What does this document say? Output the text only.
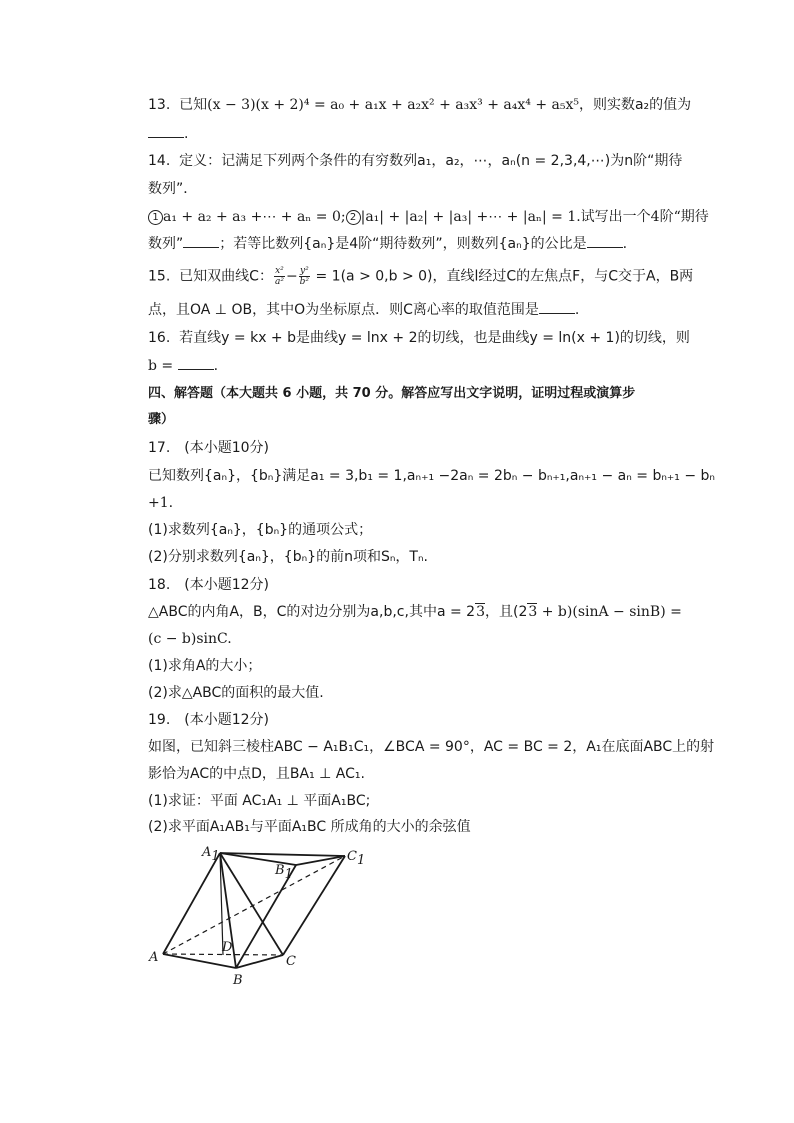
13. 已知(x − 3)(x + 2)⁴ = a₀ + a₁x + a₂x² + a₃x³ + a₄x⁴ + a₅x⁵，则实数a₂的值为
.
14. 定义：记满足下列两个条件的有穷数列a₁，a₂，⋯，aₙ(n = 2,3,4,⋯)为n阶“期待
数列”．
1 a₁ + a₂ + a₃ +⋯ + aₙ = 0; 2 |a₁| + |a₂| + |a₃| +⋯ + |aₙ| = 1.试写出一个4阶“期待
数列”	；若等比数列{aₙ}是4阶“期待数列”，则数列{aₙ}的公比是	.
15. 已知双曲线C： $\frac{\text{x²}}{\text{a²}} - \frac{\text{y²}}{\text{b²}} = 1(a > 0,b > 0)$，直线l经过C的左焦点F，与C交于A，B两
点，且OA ⊥ OB，其中O为坐标原点．则C离心率的取值范围是	.
16. 若直线y = kx + b是曲线y = lnx + 2的切线，也是曲线y = ln(x + 1)的切线，则
b =	.
四、解答题（本大题共 6 小题，共 70 分。解答应写出文字说明，证明过程或演算步
骤）
17.　(本小题10分)
已知数列{aₙ}，{bₙ}满足a₁ = 3,b₁ = 1,aₙ₊₁ −2aₙ = 2bₙ − bₙ₊₁,aₙ₊₁ − aₙ = bₙ₊₁ − bₙ
+1.
(1)求数列{aₙ}，{bₙ}的通项公式；
(2)分别求数列{aₙ}，{bₙ}的前n项和Sₙ，Tₙ.
18.　(本小题12分)
△ABC的内角A，B，C的对边分别为a,b,c,其中a = 23，且(23 + b)(sinA − sinB) =
(c − b)sinC.
(1)求角A的大小；
(2)求△ABC的面积的最大值.
19.　(本小题12分)
如图，已知斜三棱柱ABC − A₁B₁C₁，∠BCA = 90°，AC = BC = 2，A₁在底面ABC上的射
影恰为AC的中点D，且BA₁ ⊥ AC₁.
(1)求证：平面 AC₁A₁ ⊥ 平面A₁BC;
(2)求平面A₁AB₁与平面A₁BC 所成角的大小的余弦值
A1
B1
C1
A
B
C
D
